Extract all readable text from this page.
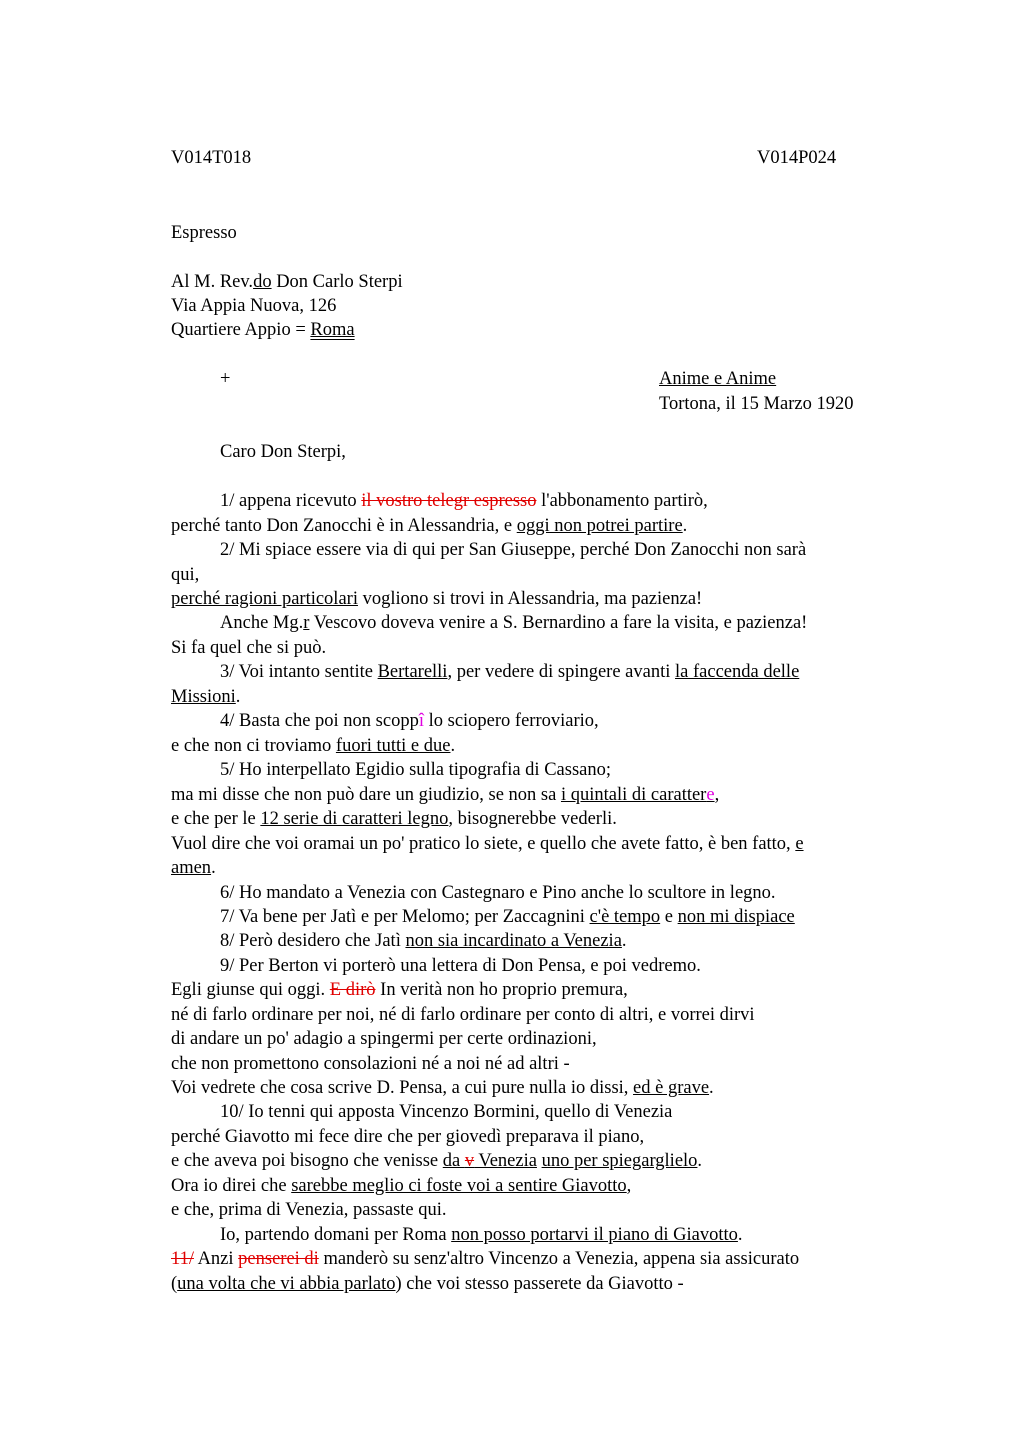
V014T018	V014P024
Espresso
Al M. Rev.do Don Carlo Sterpi
Via Appia Nuova, 126
Quartiere Appio = Roma
+	Anime e Anime
Tortona, il 15 Marzo 1920
Caro Don Sterpi,
1/ appena ricevuto il vostro telegr espresso l'abbonamento partirò,
perché tanto Don Zanocchi è in Alessandria, e oggi non potrei partire.
2/ Mi spiace essere via di qui per San Giuseppe, perché Don Zanocchi non sarà
qui,
perché ragioni particolari vogliono si trovi in Alessandria, ma pazienza!
Anche Mg.r Vescovo doveva venire a S. Bernardino a fare la visita, e pazienza!
Si fa quel che si può.
3/ Voi intanto sentite Bertarelli, per vedere di spingere avanti la faccenda delle
Missioni.
4/ Basta che poi non scoppî lo sciopero ferroviario,
e che non ci troviamo fuori tutti e due.
5/ Ho interpellato Egidio sulla tipografia di Cassano;
ma mi disse che non può dare un giudizio, se non sa i quintali di carattere,
e che per le 12 serie di caratteri legno, bisognerebbe vederli.
Vuol dire che voi oramai un po' pratico lo siete, e quello che avete fatto, è ben fatto, e
amen.
6/ Ho mandato a Venezia con Castegnaro e Pino anche lo scultore in legno.
7/ Va bene per Jatì e per Melomo; per Zaccagnini c'è tempo e non mi dispiace
8/ Però desidero che Jatì non sia incardinato a Venezia.
9/ Per Berton vi porterò una lettera di Don Pensa, e poi vedremo.
Egli giunse qui oggi. E dirò In verità non ho proprio premura,
né di farlo ordinare per noi, né di farlo ordinare per conto di altri, e vorrei dirvi
di andare un po' adagio a spingermi per certe ordinazioni,
che non promettono consolazioni né a noi né ad altri -
Voi vedrete che cosa scrive D. Pensa, a cui pure nulla io dissi, ed è grave.
10/ Io tenni qui apposta Vincenzo Bormini, quello di Venezia
perché Giavotto mi fece dire che per giovedì preparava il piano,
e che aveva poi bisogno che venisse da v Venezia uno per spiegarglielo.
Ora io direi che sarebbe meglio ci foste voi a sentire Giavotto,
e che, prima di Venezia, passaste qui.
Io, partendo domani per Roma non posso portarvi il piano di Giavotto.
11/ Anzi penserei di manderò su senz'altro Vincenzo a Venezia, appena sia assicurato
(una volta che vi abbia parlato) che voi stesso passerete da Giavotto -
